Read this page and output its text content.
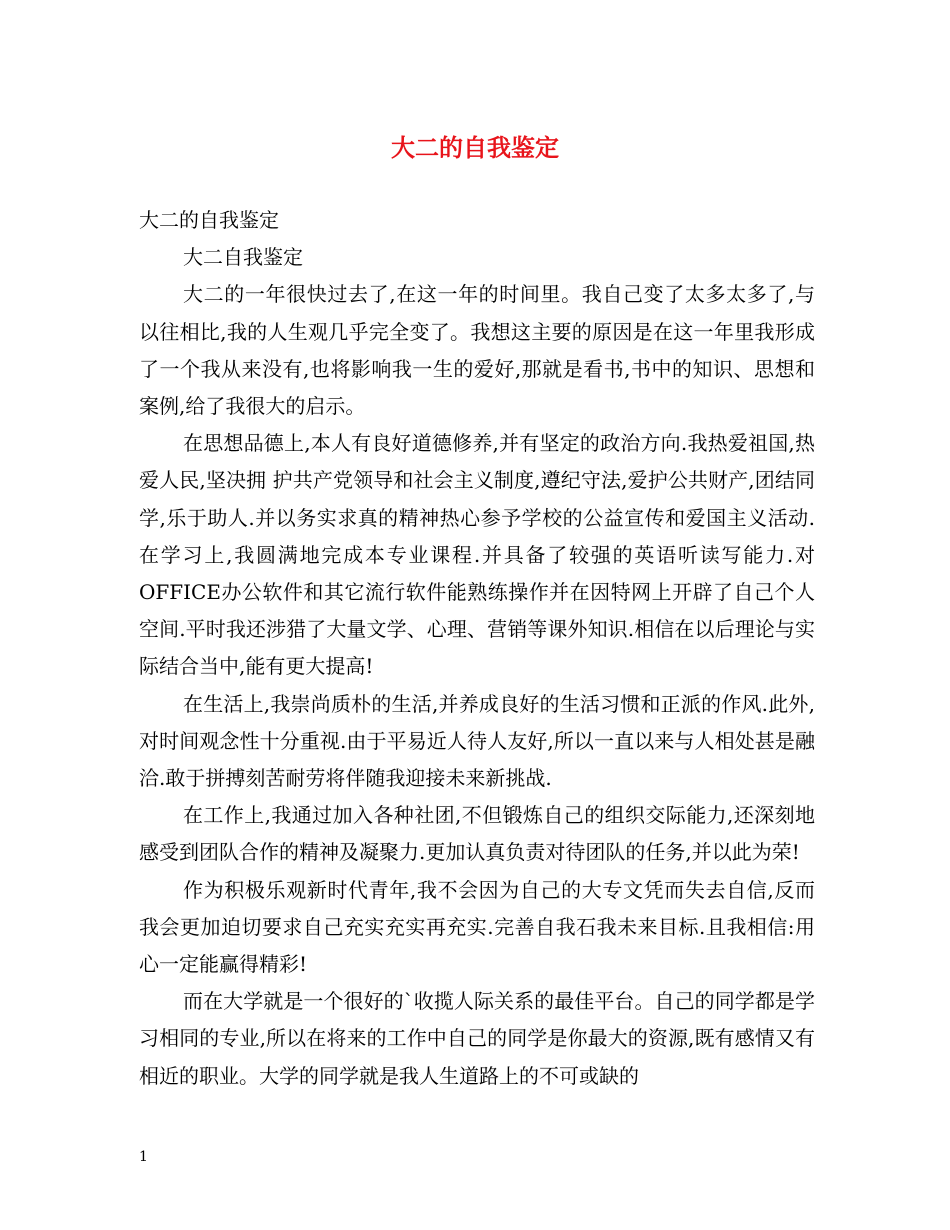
大二的自我鉴定

大二的自我鉴定

大二自我鉴定

大二的一年很快过去了,在这一年的时间里。我自己变了太多太多了,与以往相比,我的人生观几乎完全变了。我想这主要的原因是在这一年里我形成了一个我从来没有,也将影响我一生的爱好,那就是看书,书中的知识、思想和案例,给了我很大的启示。

在思想品德上,本人有良好道德修养,并有坚定的政治方向.我热爱祖国,热爱人民,坚决拥 护共产党领导和社会主义制度,遵纪守法,爱护公共财产,团结同学,乐于助人.并以务实求真的精神热心参予学校的公益宣传和爱国主义活动. 在学习上,我圆满地完成本专业课程.并具备了较强的英语听读写能力.对OFFICE办公软件和其它流行软件能熟练操作并在因特网上开辟了自己个人空间.平时我还涉猎了大量文学、心理、营销等课外知识.相信在以后理论与实际结合当中,能有更大提高!

在生活上,我崇尚质朴的生活,并养成良好的生活习惯和正派的作风.此外,对时间观念性十分重视.由于平易近人待人友好,所以一直以来与人相处甚是融洽.敢于拼搏刻苦耐劳将伴随我迎接未来新挑战.

在工作上,我通过加入各种社团,不但锻炼自己的组织交际能力,还深刻地感受到团队合作的精神及凝聚力.更加认真负责对待团队的任务,并以此为荣!

作为积极乐观新时代青年,我不会因为自己的大专文凭而失去自信,反而我会更加迫切要求自己充实充实再充实.完善自我石我未来目标.且我相信:用心一定能赢得精彩!

而在大学就是一个很好的`收揽人际关系的最佳平台。自己的同学都是学习相同的专业,所以在将来的工作中自己的同学是你最大的资源,既有感情又有相近的职业。大学的同学就是我人生道路上的不可或缺的

1
